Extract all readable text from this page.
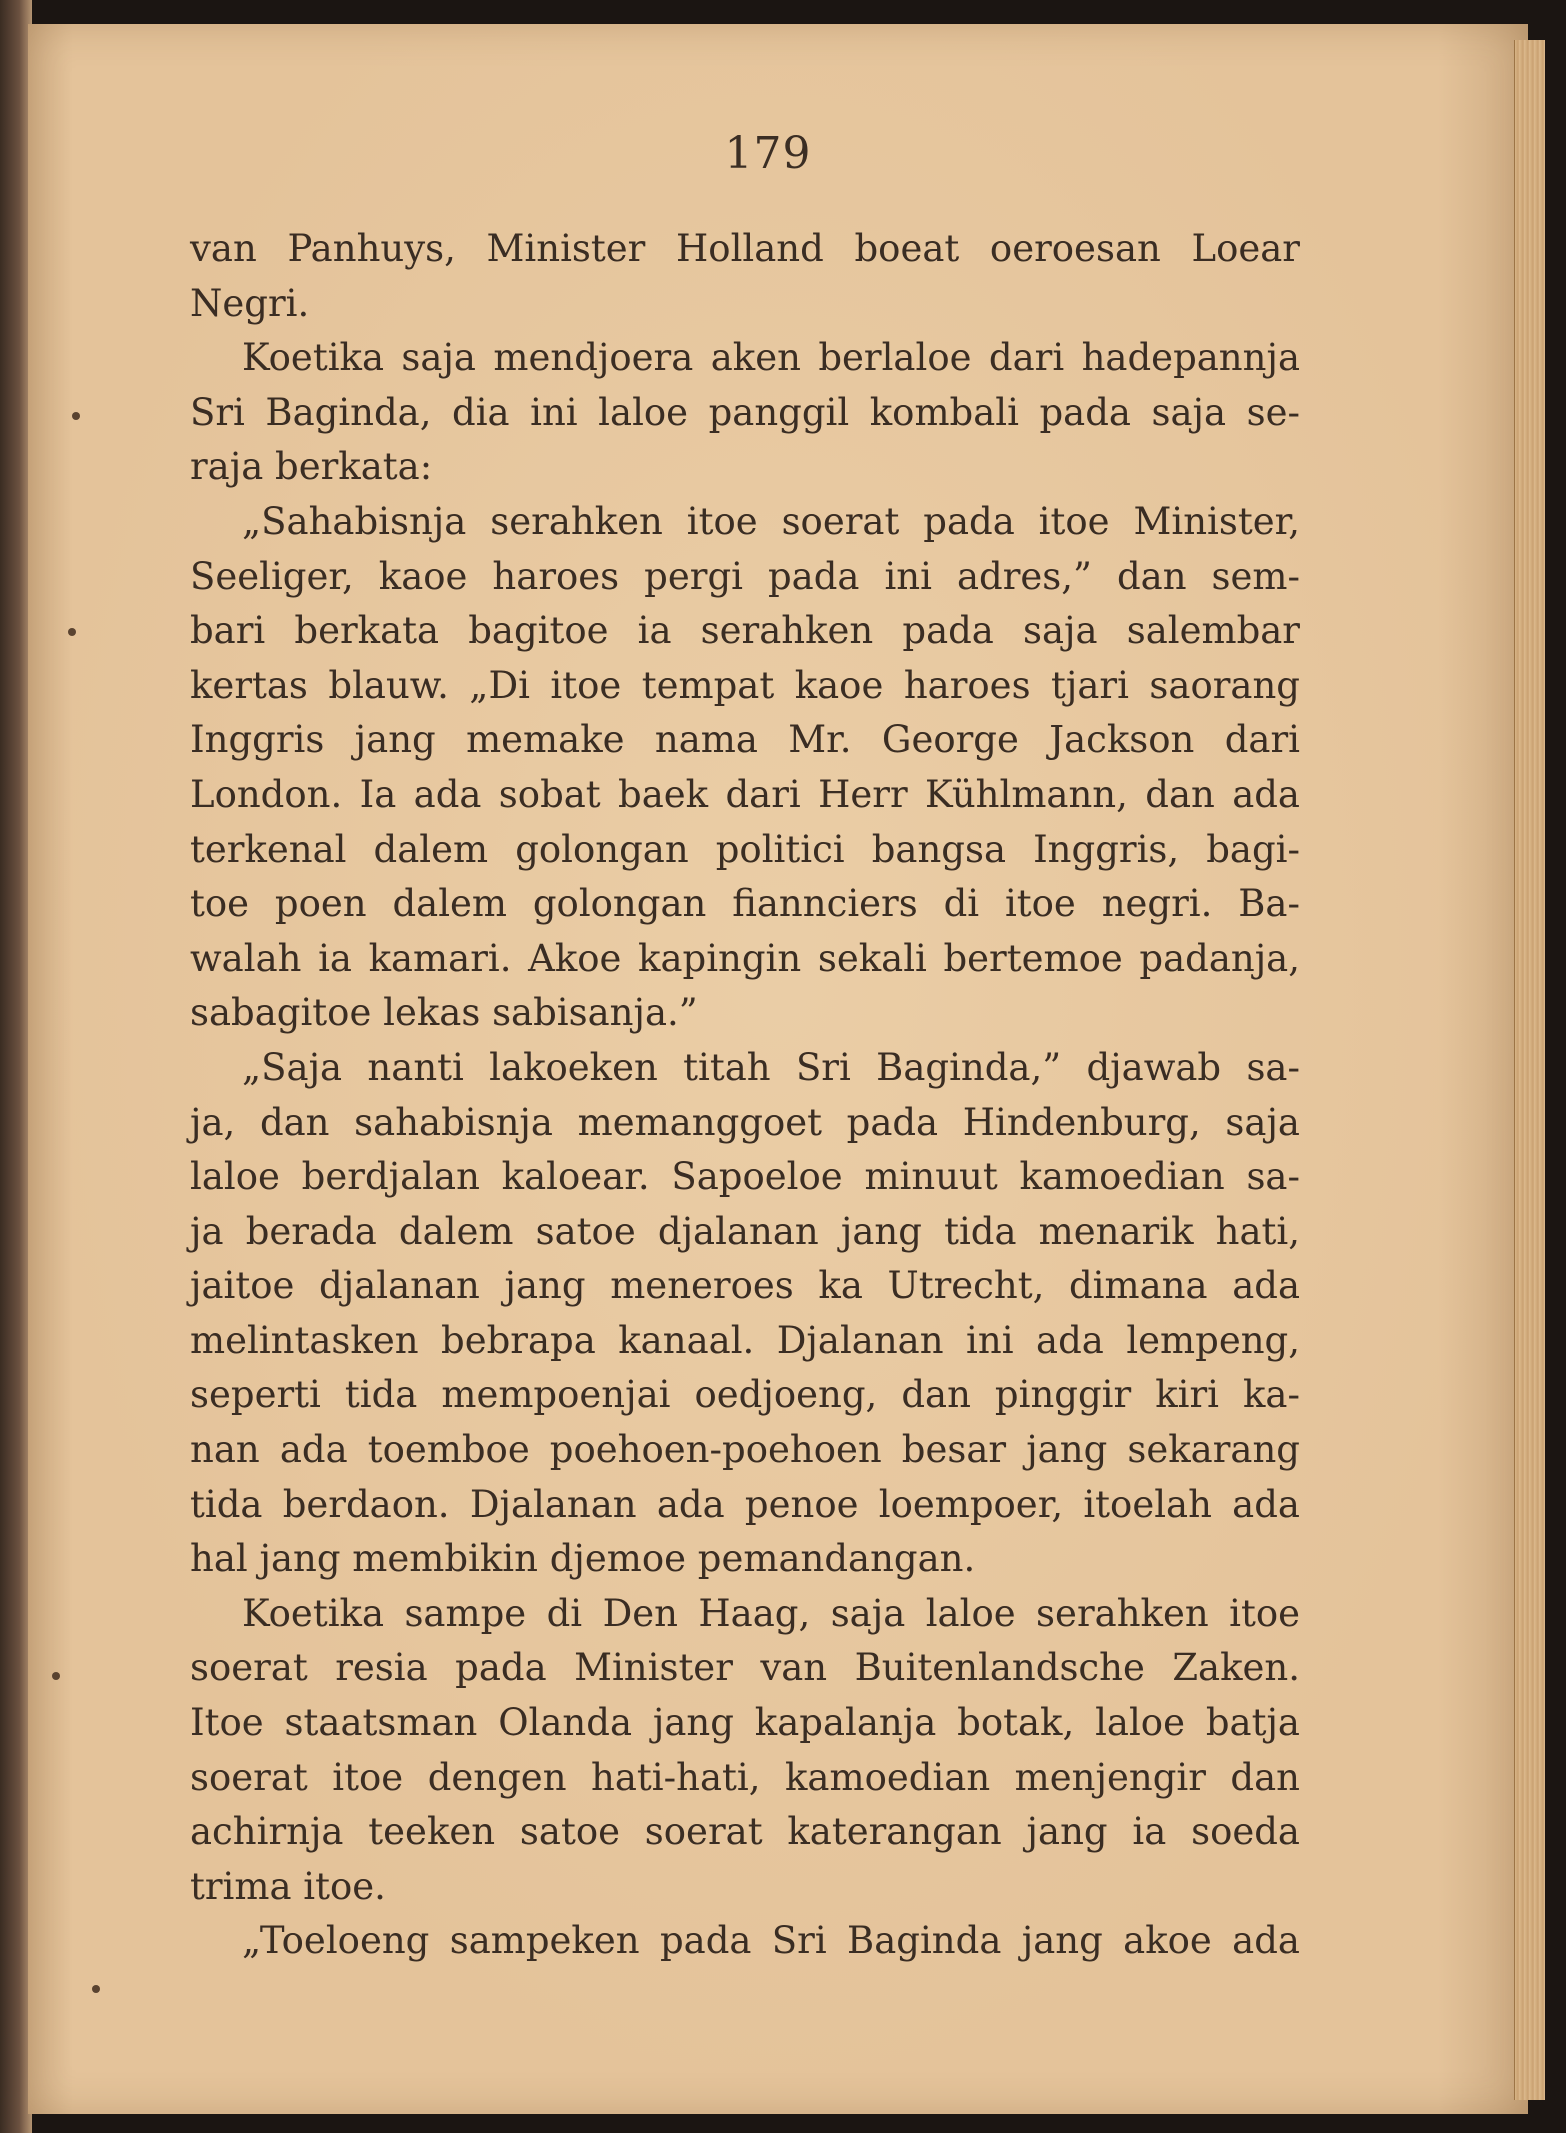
179
van Panhuys, Minister Holland boeat oeroesan Loear
Negri.
Koetika saja mendjoera aken berlaloe dari hadepannja
Sri Baginda, dia ini laloe panggil kombali pada saja se-
raja berkata:
„Sahabisnja serahken itoe soerat pada itoe Minister,
Seeliger, kaoe haroes pergi pada ini adres,” dan sem-
bari berkata bagitoe ia serahken pada saja salembar
kertas blauw. „Di itoe tempat kaoe haroes tjari saorang
Inggris jang memake nama Mr. George Jackson dari
London. Ia ada sobat baek dari Herr Kühlmann, dan ada
terkenal dalem golongan politici bangsa Inggris, bagi-
toe poen dalem golongan fiannciers di itoe negri. Ba-
walah ia kamari. Akoe kapingin sekali bertemoe padanja,
sabagitoe lekas sabisanja.”
„Saja nanti lakoeken titah Sri Baginda,” djawab sa-
ja, dan sahabisnja memanggoet pada Hindenburg, saja
laloe berdjalan kaloear. Sapoeloe minuut kamoedian sa-
ja berada dalem satoe djalanan jang tida menarik hati,
jaitoe djalanan jang meneroes ka Utrecht, dimana ada
melintasken bebrapa kanaal. Djalanan ini ada lempeng,
seperti tida mempoenjai oedjoeng, dan pinggir kiri ka-
nan ada toemboe poehoen-poehoen besar jang sekarang
tida berdaon. Djalanan ada penoe loempoer, itoelah ada
hal jang membikin djemoe pemandangan.
Koetika sampe di Den Haag, saja laloe serahken itoe
soerat resia pada Minister van Buitenlandsche Zaken.
Itoe staatsman Olanda jang kapalanja botak, laloe batja
soerat itoe dengen hati-hati, kamoedian menjengir dan
achirnja teeken satoe soerat katerangan jang ia soeda
trima itoe.
„Toeloeng sampeken pada Sri Baginda jang akoe ada
